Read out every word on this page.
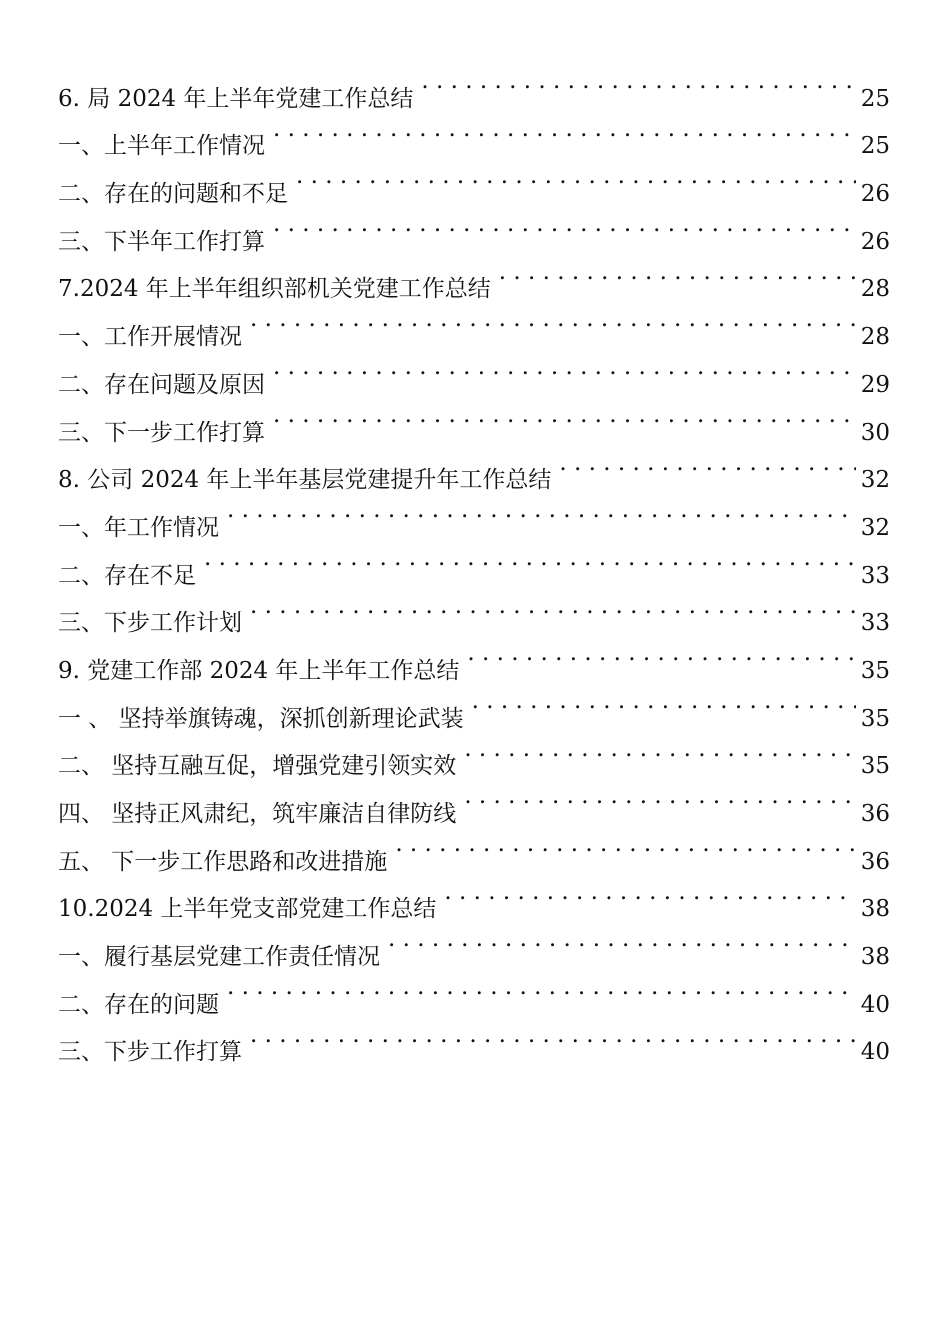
6. 局 2024 年上半年党建工作总结 . . .	25
一、上半年工作情况 . . .	25
二、存在的问题和不足 . . .	26
三、下半年工作打算 . . .	26
7.2024 年上半年组织部机关党建工作总结 . . .	28
一、工作开展情况 . . .	28
二、存在问题及原因 . . .	29
三、下一步工作打算 . . .	30
8. 公司 2024 年上半年基层党建提升年工作总结 . . .	32
一、年工作情况 . . .	32
二、存在不足 . . .	33
三、下步工作计划 . . .	33
9. 党建工作部 2024 年上半年工作总结 . . .	35
一 、 坚持举旗铸魂，深抓创新理论武装 . . .	35
二、 坚持互融互促，增强党建引领实效 . . .	35
四、 坚持正风肃纪，筑牢廉洁自律防线 . . .	36
五、 下一步工作思路和改进措施 . . .	36
10.2024 上半年党支部党建工作总结 . . .	38
一、履行基层党建工作责任情况 . . .	38
二、存在的问题 . . .	40
三、下步工作打算 . . .	40
